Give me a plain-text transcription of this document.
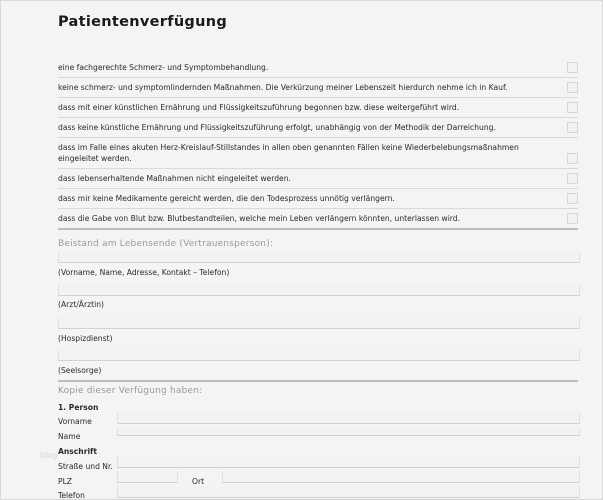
Patientenverfügung
eine fachgerechte Schmerz- und Symptombehandlung.
keine schmerz- und symptomlindernden Maßnahmen. Die Verkürzung meiner Lebenszeit hierdurch nehme ich in Kauf.
dass mit einer künstlichen Ernährung und Flüssigkeitszuführung begonnen bzw. diese weitergeführt wird.
dass keine künstliche Ernährung und Flüssigkeitszuführung erfolgt, unabhängig von der Methodik der Darreichung.
dass im Falle eines akuten Herz-Kreislauf-Stillstandes in allen oben genannten Fällen keine Wiederbelebungsmaßnahmen eingeleitet werden.
dass lebenserhaltende Maßnahmen nicht eingeleitet werden.
dass mir keine Medikamente gereicht werden, die den Todesprozess unnötig verlängern.
dass die Gabe von Blut bzw. Blutbestandteilen, welche mein Leben verlängern könnten, unterlassen wird.
Beistand am Lebensende (Vertrauensperson):
(Vorname, Name, Adresse, Kontakt – Telefon)
(Arzt/Ärztin)
(Hospizdienst)
(Seelsorge)
Kopie dieser Verfügung haben:
1. Person
Vorname
Name
Anschrift
blog
Straße und Nr.
PLZ	Ort
Telefon
